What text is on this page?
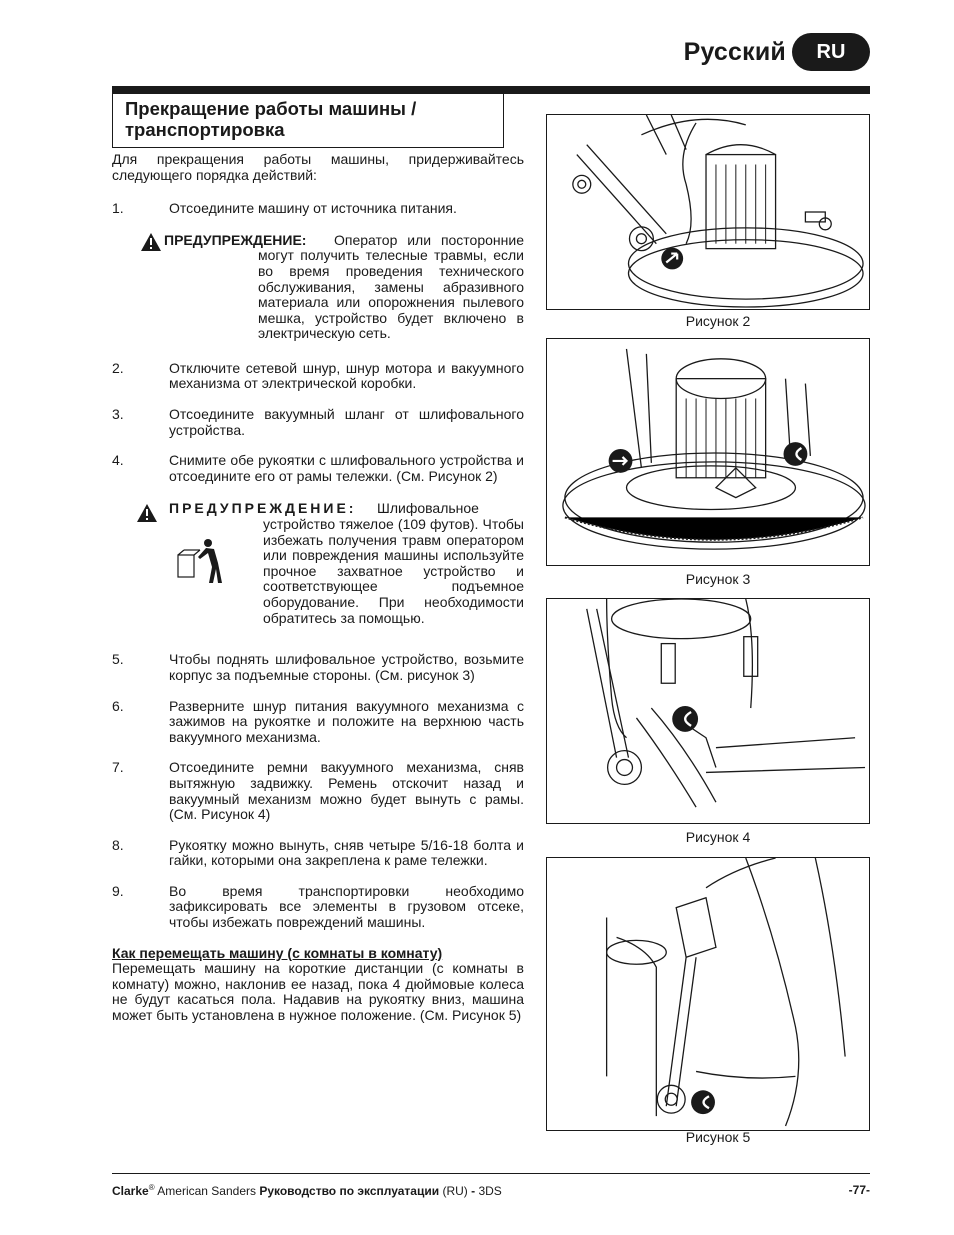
Русский	RU
Прекращение работы машины /
транспортировка

Для прекращения работы машины, придерживайтесь следующего порядка действий:

1.	Отсоедините машину от источника питания.
ПРЕДУПРЕЖДЕНИЕ:	Оператор или посторонние могут получить телесные травмы, если во время проведения технического обслуживания, замены абразивного материала или опорожнения пылевого мешка, устройство будет включено в электрическую сеть.
2.	Отключите сетевой шнур, шнур мотора и вакуумного механизма от электрической коробки.
3.	Отсоедините вакуумный шланг от шлифовального устройства.
4.	Снимите обе рукоятки с шлифовального устройства и отсоедините его от рамы тележки. (См. Рисунок 2)
ПРЕДУПРЕЖДЕНИЕ:	Шлифовальное устройство тяжелое (109 футов). Чтобы избежать получения травм оператором или повреждения машины используйте прочное захватное устройство и соответствующее подъемное оборудование. При необходимости обратитесь за помощью.
5.	Чтобы поднять шлифовальное устройство, возьмите корпус за подъемные стороны. (См. рисунок 3)
6.	Разверните шнур питания вакуумного механизма с зажимов на рукоятке и положите на верхнюю часть вакуумного механизма.
7.	Отсоедините ремни вакуумного механизма, сняв вытяжную задвижку. Ремень отскочит назад и вакуумный механизм можно будет вынуть с рамы. (См. Рисунок 4)
8.	Рукоятку можно вынуть, сняв четыре 5/16-18 болта и гайки, которыми она закреплена к раме тележки.
9.	Во время транспортировки необходимо зафиксировать все элементы в грузовом отсеке, чтобы избежать повреждений машины.

Как перемещать машину (с комнаты в комнату)

Перемещать машину на короткие дистанции (с комнаты в комнату) можно, наклонив ее назад, пока 4 дюймовые колеса не будут касаться пола. Надавив на рукоятку вниз, машина может быть установлена в нужное положение. (См. Рисунок 5)

Рисунок 2
Рисунок 3
Рисунок 4
Рисунок 5
Clarke® American Sanders Руководство по эксплуатации (RU) - 3DS	-77-
